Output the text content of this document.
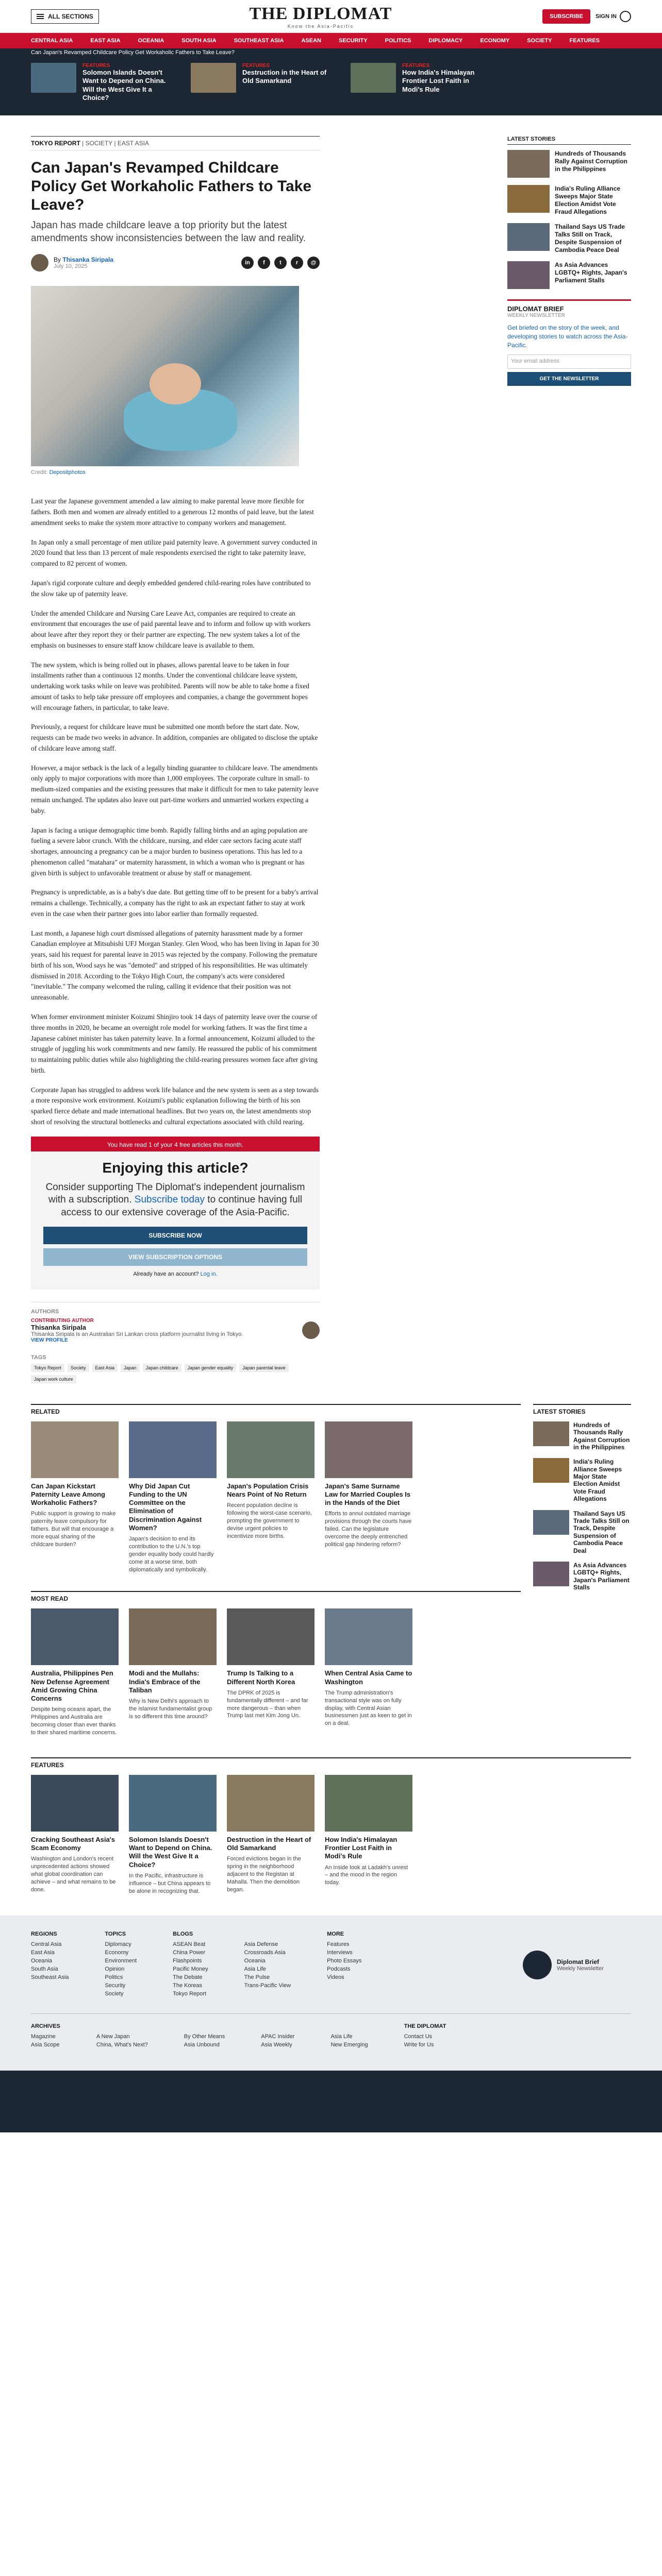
ALL SECTIONS	THE DIPLOMAT
Know the Asia-Pacific
SUBSCRIBE	SIGN IN
CENTRAL ASIA	EAST ASIA	OCEANIA	SOUTH ASIA	SOUTHEAST ASIA	ASEAN	SECURITY	POLITICS	DIPLOMACY	ECONOMY	SOCIETY	FEATURES
Can Japan's Revamped Childcare Policy Get Workaholic Fathers to Take Leave?
FEATURES
Solomon Islands Doesn't Want to Depend on China. Will the West Give It a Choice?
FEATURES
Destruction in the Heart of Old Samarkand
FEATURES
How India's Himalayan Frontier Lost Faith in Modi's Rule
TOKYO REPORT | SOCIETY | EAST ASIA
Can Japan's Revamped Childcare Policy Get Workaholic Fathers to Take Leave?
Japan has made childcare leave a top priority but the latest amendments show inconsistencies between the law and reality.
By Thisanka Siripala
July 10, 2025
in	f	t	r	@
Credit: Depositphotos

Last year the Japanese government amended a law aiming to make parental leave more flexible for fathers. Both men and women are already entitled to a generous 12 months of paid leave, but the latest amendment seeks to make the system more attractive to company workers and management.

In Japan only a small percentage of men utilize paid paternity leave. A government survey conducted in 2020 found that less than 13 percent of male respondents exercised the right to take paternity leave, compared to 82 percent of women.

Japan's rigid corporate culture and deeply embedded gendered child-rearing roles have contributed to the slow take up of paternity leave.

Under the amended Childcare and Nursing Care Leave Act, companies are required to create an environment that encourages the use of paid parental leave and to inform and follow up with workers about leave after they report they or their partner are expecting. The new system takes a lot of the emphasis on businesses to ensure staff know childcare leave is available to them.

The new system, which is being rolled out in phases, allows parental leave to be taken in four installments rather than a continuous 12 months. Under the conventional childcare leave system, undertaking work tasks while on leave was prohibited. Parents will now be able to take home a fixed amount of tasks to help take pressure off employees and companies, a change the government hopes will encourage fathers, in particular, to take leave.

Previously, a request for childcare leave must be submitted one month before the start date. Now, requests can be made two weeks in advance. In addition, companies are obligated to disclose the uptake of childcare leave among staff.

However, a major setback is the lack of a legally binding guarantee to childcare leave. The amendments only apply to major corporations with more than 1,000 employees. The corporate culture in small- to medium-sized companies and the existing pressures that make it difficult for men to take paternity leave remain unchanged. The updates also leave out part-time workers and unmarried workers expecting a baby.

Japan is facing a unique demographic time bomb. Rapidly falling births and an aging population are fueling a severe labor crunch. With the childcare, nursing, and elder care sectors facing acute staff shortages, announcing a pregnancy can be a major burden to business operations. This has led to a phenomenon called "matahara" or maternity harassment, in which a woman who is pregnant or has given birth is subject to unfavorable treatment or abuse by staff or management.

Pregnancy is unpredictable, as is a baby's due date. But getting time off to be present for a baby's arrival remains a challenge. Technically, a company has the right to ask an expectant father to stay at work even in the case when their partner goes into labor earlier than formally requested.

Last month, a Japanese high court dismissed allegations of paternity harassment made by a former Canadian employee at Mitsubishi UFJ Morgan Stanley. Glen Wood, who has been living in Japan for 30 years, said his request for parental leave in 2015 was rejected by the company. Following the premature birth of his son, Wood says he was "demoted" and stripped of his responsibilities. He was ultimately dismissed in 2018. According to the Tokyo High Court, the company's acts were considered "inevitable." The company welcomed the ruling, calling it evidence that their position was not unreasonable.

When former environment minister Koizumi Shinjiro took 14 days of paternity leave over the course of three months in 2020, he became an overnight role model for working fathers. It was the first time a Japanese cabinet minister has taken paternity leave. In a formal announcement, Koizumi alluded to the struggle of juggling his work commitments and new family. He reassured the public of his commitment to maintaining public duties while also highlighting the child-rearing pressures women face after giving birth.

Corporate Japan has struggled to address work life balance and the new system is seen as a step towards a more responsive work environment. Koizumi's public explanation following the birth of his son sparked fierce debate and made international headlines. But two years on, the latest amendments stop short of resolving the structural bottlenecks and cultural expectations associated with child rearing.

You have read 1 of your 4 free articles this month.
Enjoying this article?

Consider supporting The Diplomat's independent journalism with a subscription. Subscribe today to continue having full access to our extensive coverage of the Asia-Pacific.

SUBSCRIBE NOW
VIEW SUBSCRIPTION OPTIONS
Already have an account? Log in.
AUTHORS
CONTRIBUTING AUTHOR
Thisanka Siripala
Thisanka Siripala is an Australian Sri Lankan cross platform journalist living in Tokyo.
VIEW PROFILE
TAGS
Tokyo Report	Society	East Asia	Japan	Japan childcare	Japan gender equality	Japan parental leave
Japan work culture
LATEST STORIES
Hundreds of Thousands Rally Against Corruption in the Philippines
India's Ruling Alliance Sweeps Major State Election Amidst Vote Fraud Allegations
Thailand Says US Trade Talks Still on Track, Despite Suspension of Cambodia Peace Deal
As Asia Advances LGBTQ+ Rights, Japan's Parliament Stalls
DIPLOMAT BRIEF
WEEKLY NEWSLETTER
Get briefed on the story of the week, and developing stories to watch across the Asia-Pacific.
Your email address
GET THE NEWSLETTER
RELATED
Can Japan Kickstart Paternity Leave Among Workaholic Fathers?
Public support is growing to make paternity leave compulsory for fathers. But will that encourage a more equal sharing of the childcare burden?
Why Did Japan Cut Funding to the UN Committee on the Elimination of Discrimination Against Women?
Japan's decision to end its contribution to the U.N.'s top gender equality body could hardly come at a worse time, both diplomatically and symbolically.
Japan's Population Crisis Nears Point of No Return
Recent population decline is following the worst-case scenario, prompting the government to devise urgent policies to incentivize more births.
Japan's Same Surname Law for Married Couples Is in the Hands of the Diet
Efforts to annul outdated marriage provisions through the courts have failed. Can the legislature overcome the deeply entrenched political gap hindering reform?
MOST READ
Australia, Philippines Pen New Defense Agreement Amid Growing China Concerns
Despite being oceans apart, the Philippines and Australia are becoming closer than ever thanks to their shared maritime concerns.
Modi and the Mullahs: India's Embrace of the Taliban
Why is New Delhi's approach to the Islamist fundamentalist group is so different this time around?
Trump Is Talking to a Different North Korea
The DPRK of 2025 is fundamentally different – and far more dangerous – than when Trump last met Kim Jong Un.
When Central Asia Came to Washington
The Trump administration's transactional style was on fully display, with Central Asian businessmen just as keen to get in on a deal.
LATEST STORIES
Hundreds of Thousands Rally Against Corruption in the Philippines
India's Ruling Alliance Sweeps Major State Election Amidst Vote Fraud Allegations
Thailand Says US Trade Talks Still on Track, Despite Suspension of Cambodia Peace Deal
As Asia Advances LGBTQ+ Rights, Japan's Parliament Stalls
FEATURES
Cracking Southeast Asia's Scam Economy
Washington and London's recent unprecedented actions showed what global coordination can achieve – and what remains to be done.
Solomon Islands Doesn't Want to Depend on China. Will the West Give It a Choice?
In the Pacific, infrastructure is influence – but China appears to be alone in recognizing that.
Destruction in the Heart of Old Samarkand
Forced evictions began in the spring in the neighborhood adjacent to the Registan at Mahalla. Then the demolition began.
How India's Himalayan Frontier Lost Faith in Modi's Rule
An inside look at Ladakh's unrest – and the mood in the region today.
REGIONS
Central Asia
East Asia
Oceania
South Asia
Southeast Asia
TOPICS
Diplomacy
Economy
Environment
Opinion
Politics
Security
Society
BLOGS
ASEAN Beat
China Power
Flashpoints
Pacific Money
The Debate
The Koreas
Tokyo Report

Asia Defense
Crossroads Asia
Oceania
Asia Life
The Pulse
Trans-Pacific View
MORE
Features
Interviews
Photo Essays
Podcasts
Videos
Diplomat Brief
Weekly Newsletter
ARCHIVES
Magazine
Asia Scope

A New Japan
China, What's Next?

By Other Means
Asia Unbound

APAC Insider
Asia Weekly

Asia Life
New Emerging
THE DIPLOMAT
Contact Us
Write for Us
